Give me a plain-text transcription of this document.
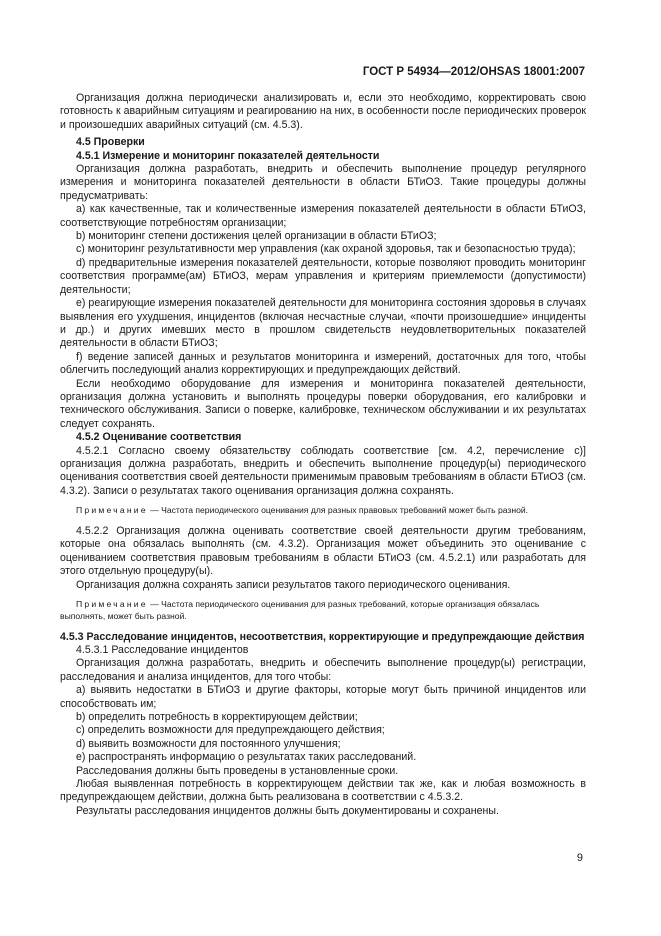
ГОСТ Р 54934—2012/OHSAS 18001:2007

Организация должна периодически анализировать и, если это необходимо, корректировать свою готовность к аварийным ситуациям и реагированию на них, в особенности после периодических проверок и произошедших аварийных ситуаций (см. 4.5.3).

4.5 Проверки

4.5.1 Измерение и мониторинг показателей деятельности

Организация должна разработать, внедрить и обеспечить выполнение процедур регулярного измерения и мониторинга показателей деятельности в области БТиОЗ. Такие процедуры должны предусматривать:

а) как качественные, так и количественные измерения показателей деятельности в области БТиОЗ, соответствующие потребностям организации;

b) мониторинг степени достижения целей организации в области БТиОЗ;

c) мониторинг результативности мер управления (как охраной здоровья, так и безопасностью труда);

d) предварительные измерения показателей деятельности, которые позволяют проводить мониторинг соответствия программе(ам) БТиОЗ, мерам управления и критериям приемлемости (допустимости) деятельности;

e) реагирующие измерения показателей деятельности для мониторинга состояния здоровья в случаях выявления его ухудшения, инцидентов (включая несчастные случаи, «почти произошедшие» инциденты и др.) и других имевших место в прошлом свидетельств неудовлетворительных показателей деятельности в области БТиОЗ;

f) ведение записей данных и результатов мониторинга и измерений, достаточных для того, чтобы облегчить последующий анализ корректирующих и предупреждающих действий.

Если необходимо оборудование для измерения и мониторинга показателей деятельности, организация должна установить и выполнять процедуры поверки оборудования, его калибровки и технического обслуживания. Записи о поверке, калибровке, техническом обслуживании и их результатах следует сохранять.

4.5.2 Оценивание соответствия

4.5.2.1 Согласно своему обязательству соблюдать соответствие [см. 4.2, перечисление с)] организация должна разработать, внедрить и обеспечить выполнение процедур(ы) периодического оценивания соответствия своей деятельности применимым правовым требованиям в области БТиОЗ (см. 4.3.2). Записи о результатах такого оценивания организация должна сохранять.

Примечание — Частота периодического оценивания для разных правовых требований может быть разной.

4.5.2.2 Организация должна оценивать соответствие своей деятельности другим требованиям, которые она обязалась выполнять (см. 4.3.2). Организация может объединить это оценивание с оцениванием соответствия правовым требованиям в области БТиОЗ (см. 4.5.2.1) или разработать для этого отдельную процедуру(ы).

Организация должна сохранять записи результатов такого периодического оценивания.

Примечание — Частота периодического оценивания для разных требований, которые организация обязалась выполнять, может быть разной.

4.5.3 Расследование инцидентов, несоответствия, корректирующие и предупреждающие действия

4.5.3.1 Расследование инцидентов

Организация должна разработать, внедрить и обеспечить выполнение процедур(ы) регистрации, расследования и анализа инцидентов, для того чтобы:

а) выявить недостатки в БТиОЗ и другие факторы, которые могут быть причиной инцидентов или способствовать им;

b) определить потребность в корректирующем действии;

c) определить возможности для предупреждающего действия;

d) выявить возможности для постоянного улучшения;

e) распространять информацию о результатах таких расследований.

Расследования должны быть проведены в установленные сроки.

Любая выявленная потребность в корректирующем действии так же, как и любая возможность в предупреждающем действии, должна быть реализована в соответствии с 4.5.3.2.

Результаты расследования инцидентов должны быть документированы и сохранены.

9
